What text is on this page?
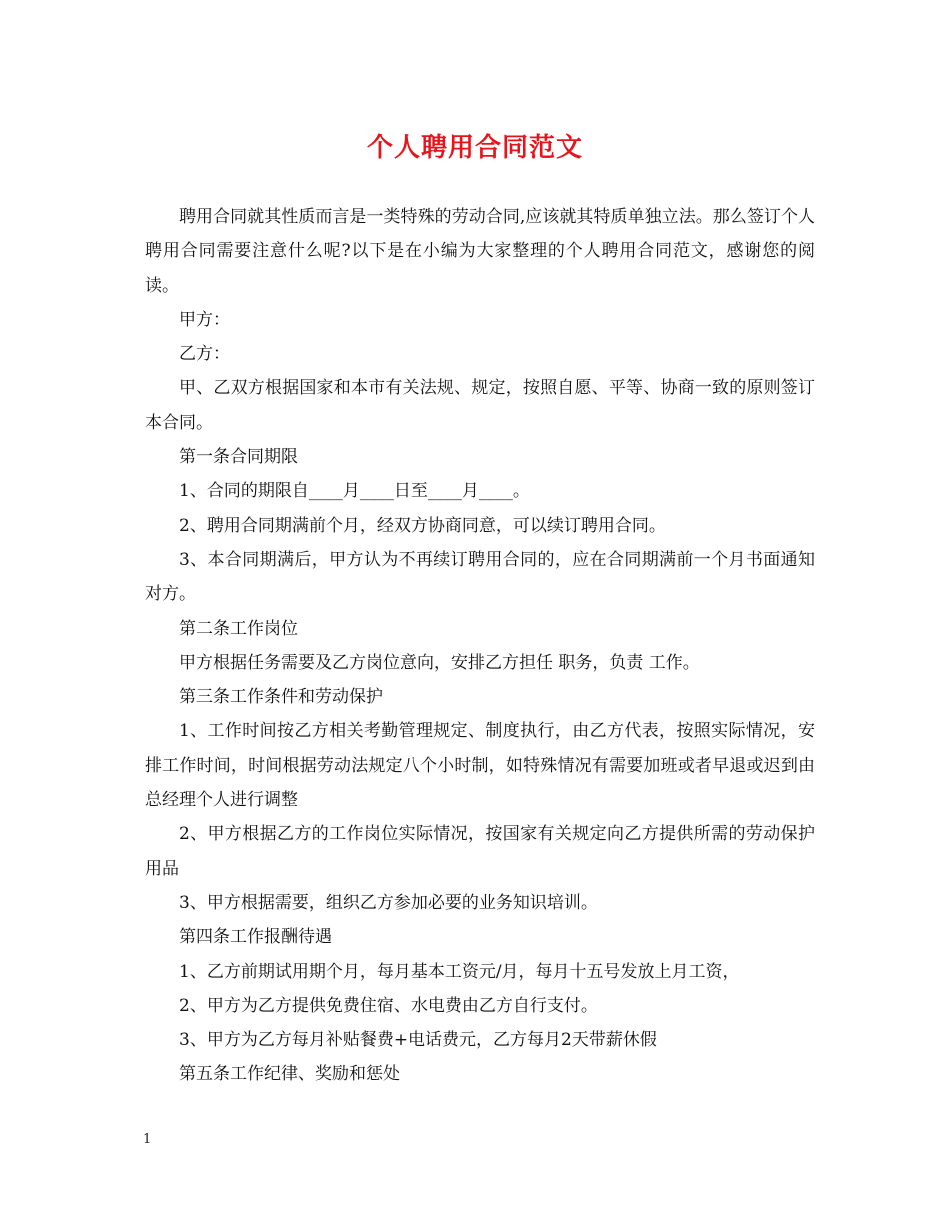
个人聘用合同范文

聘用合同就其性质而言是一类特殊的劳动合同,应该就其特质单独立法。那么签订个人聘用合同需要注意什么呢?以下是在小编为大家整理的个人聘用合同范文，感谢您的阅读。

甲方：

乙方：

甲、乙双方根据国家和本市有关法规、规定，按照自愿、平等、协商一致的原则签订本合同。

第一条合同期限

1、合同的期限自____月____日至____月____。

2、聘用合同期满前个月，经双方协商同意，可以续订聘用合同。

3、本合同期满后，甲方认为不再续订聘用合同的，应在合同期满前一个月书面通知对方。

第二条工作岗位

甲方根据任务需要及乙方岗位意向，安排乙方担任 职务，负责 工作。

第三条工作条件和劳动保护

1、工作时间按乙方相关考勤管理规定、制度执行，由乙方代表，按照实际情况，安排工作时间，时间根据劳动法规定八个小时制，如特殊情况有需要加班或者早退或迟到由总经理个人进行调整

2、甲方根据乙方的工作岗位实际情况，按国家有关规定向乙方提供所需的劳动保护用品

3、甲方根据需要，组织乙方参加必要的业务知识培训。

第四条工作报酬待遇

1、乙方前期试用期个月，每月基本工资元/月，每月十五号发放上月工资，

2、甲方为乙方提供免费住宿、水电费由乙方自行支付。

3、甲方为乙方每月补贴餐费+电话费元，乙方每月2天带薪休假

第五条工作纪律、奖励和惩处

1
